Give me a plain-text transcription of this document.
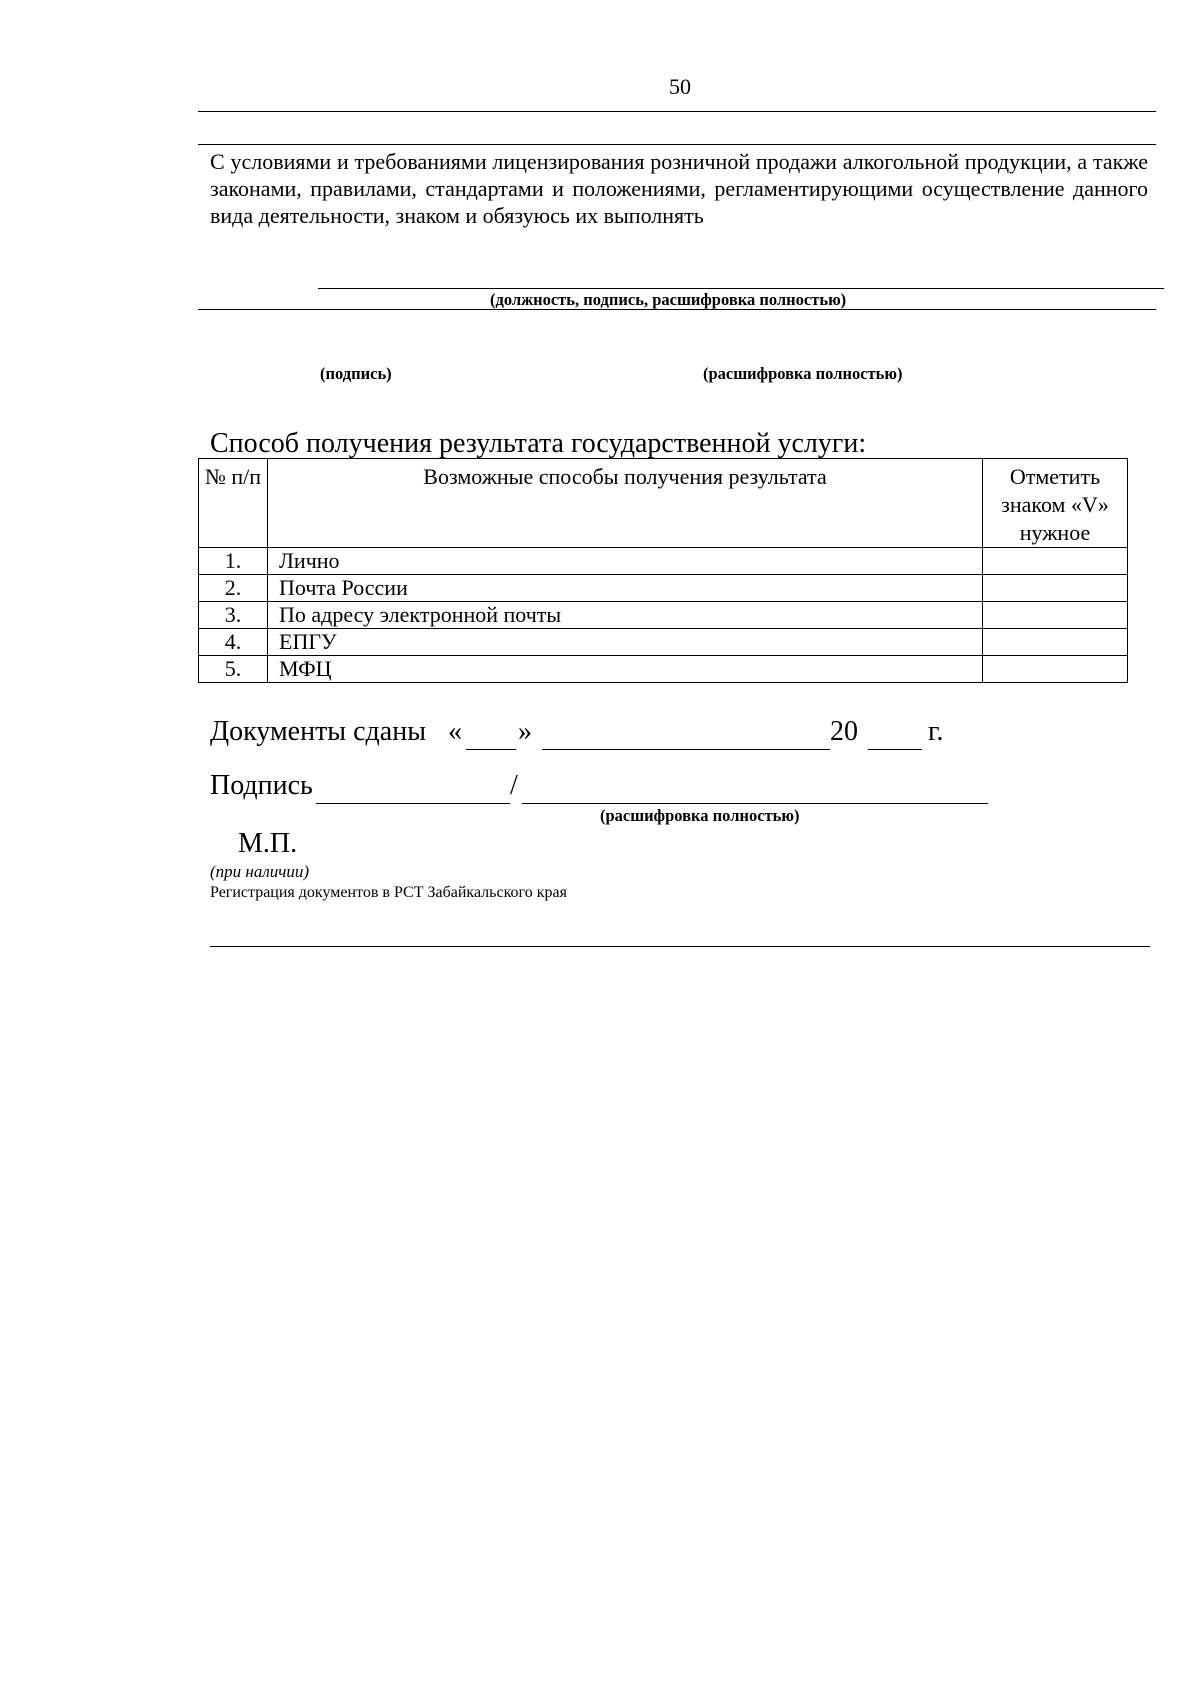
50
С условиями и требованиями лицензирования розничной продажи алкогольной продукции, а также законами, правилами, стандартами и положениями, регламентирующими осуществление данного вида деятельности, знаком и обязуюсь их выполнять
(должность, подпись, расшифровка полностью)
(подпись)	(расшифровка полностью)
Способ получения результата государственной услуги:
№ п/п	Возможные способы получения результата	Отметить знаком «V» нужное
1.	Лично	
2.	Почта России	
3.	По адресу электронной почты	
4.	ЕПГУ	
5.	МФЦ	
Документы сданы « »	20	г.
Подпись	/
(расшифровка полностью)
М.П.
(при наличии)
Регистрация документов в РСТ Забайкальского края
